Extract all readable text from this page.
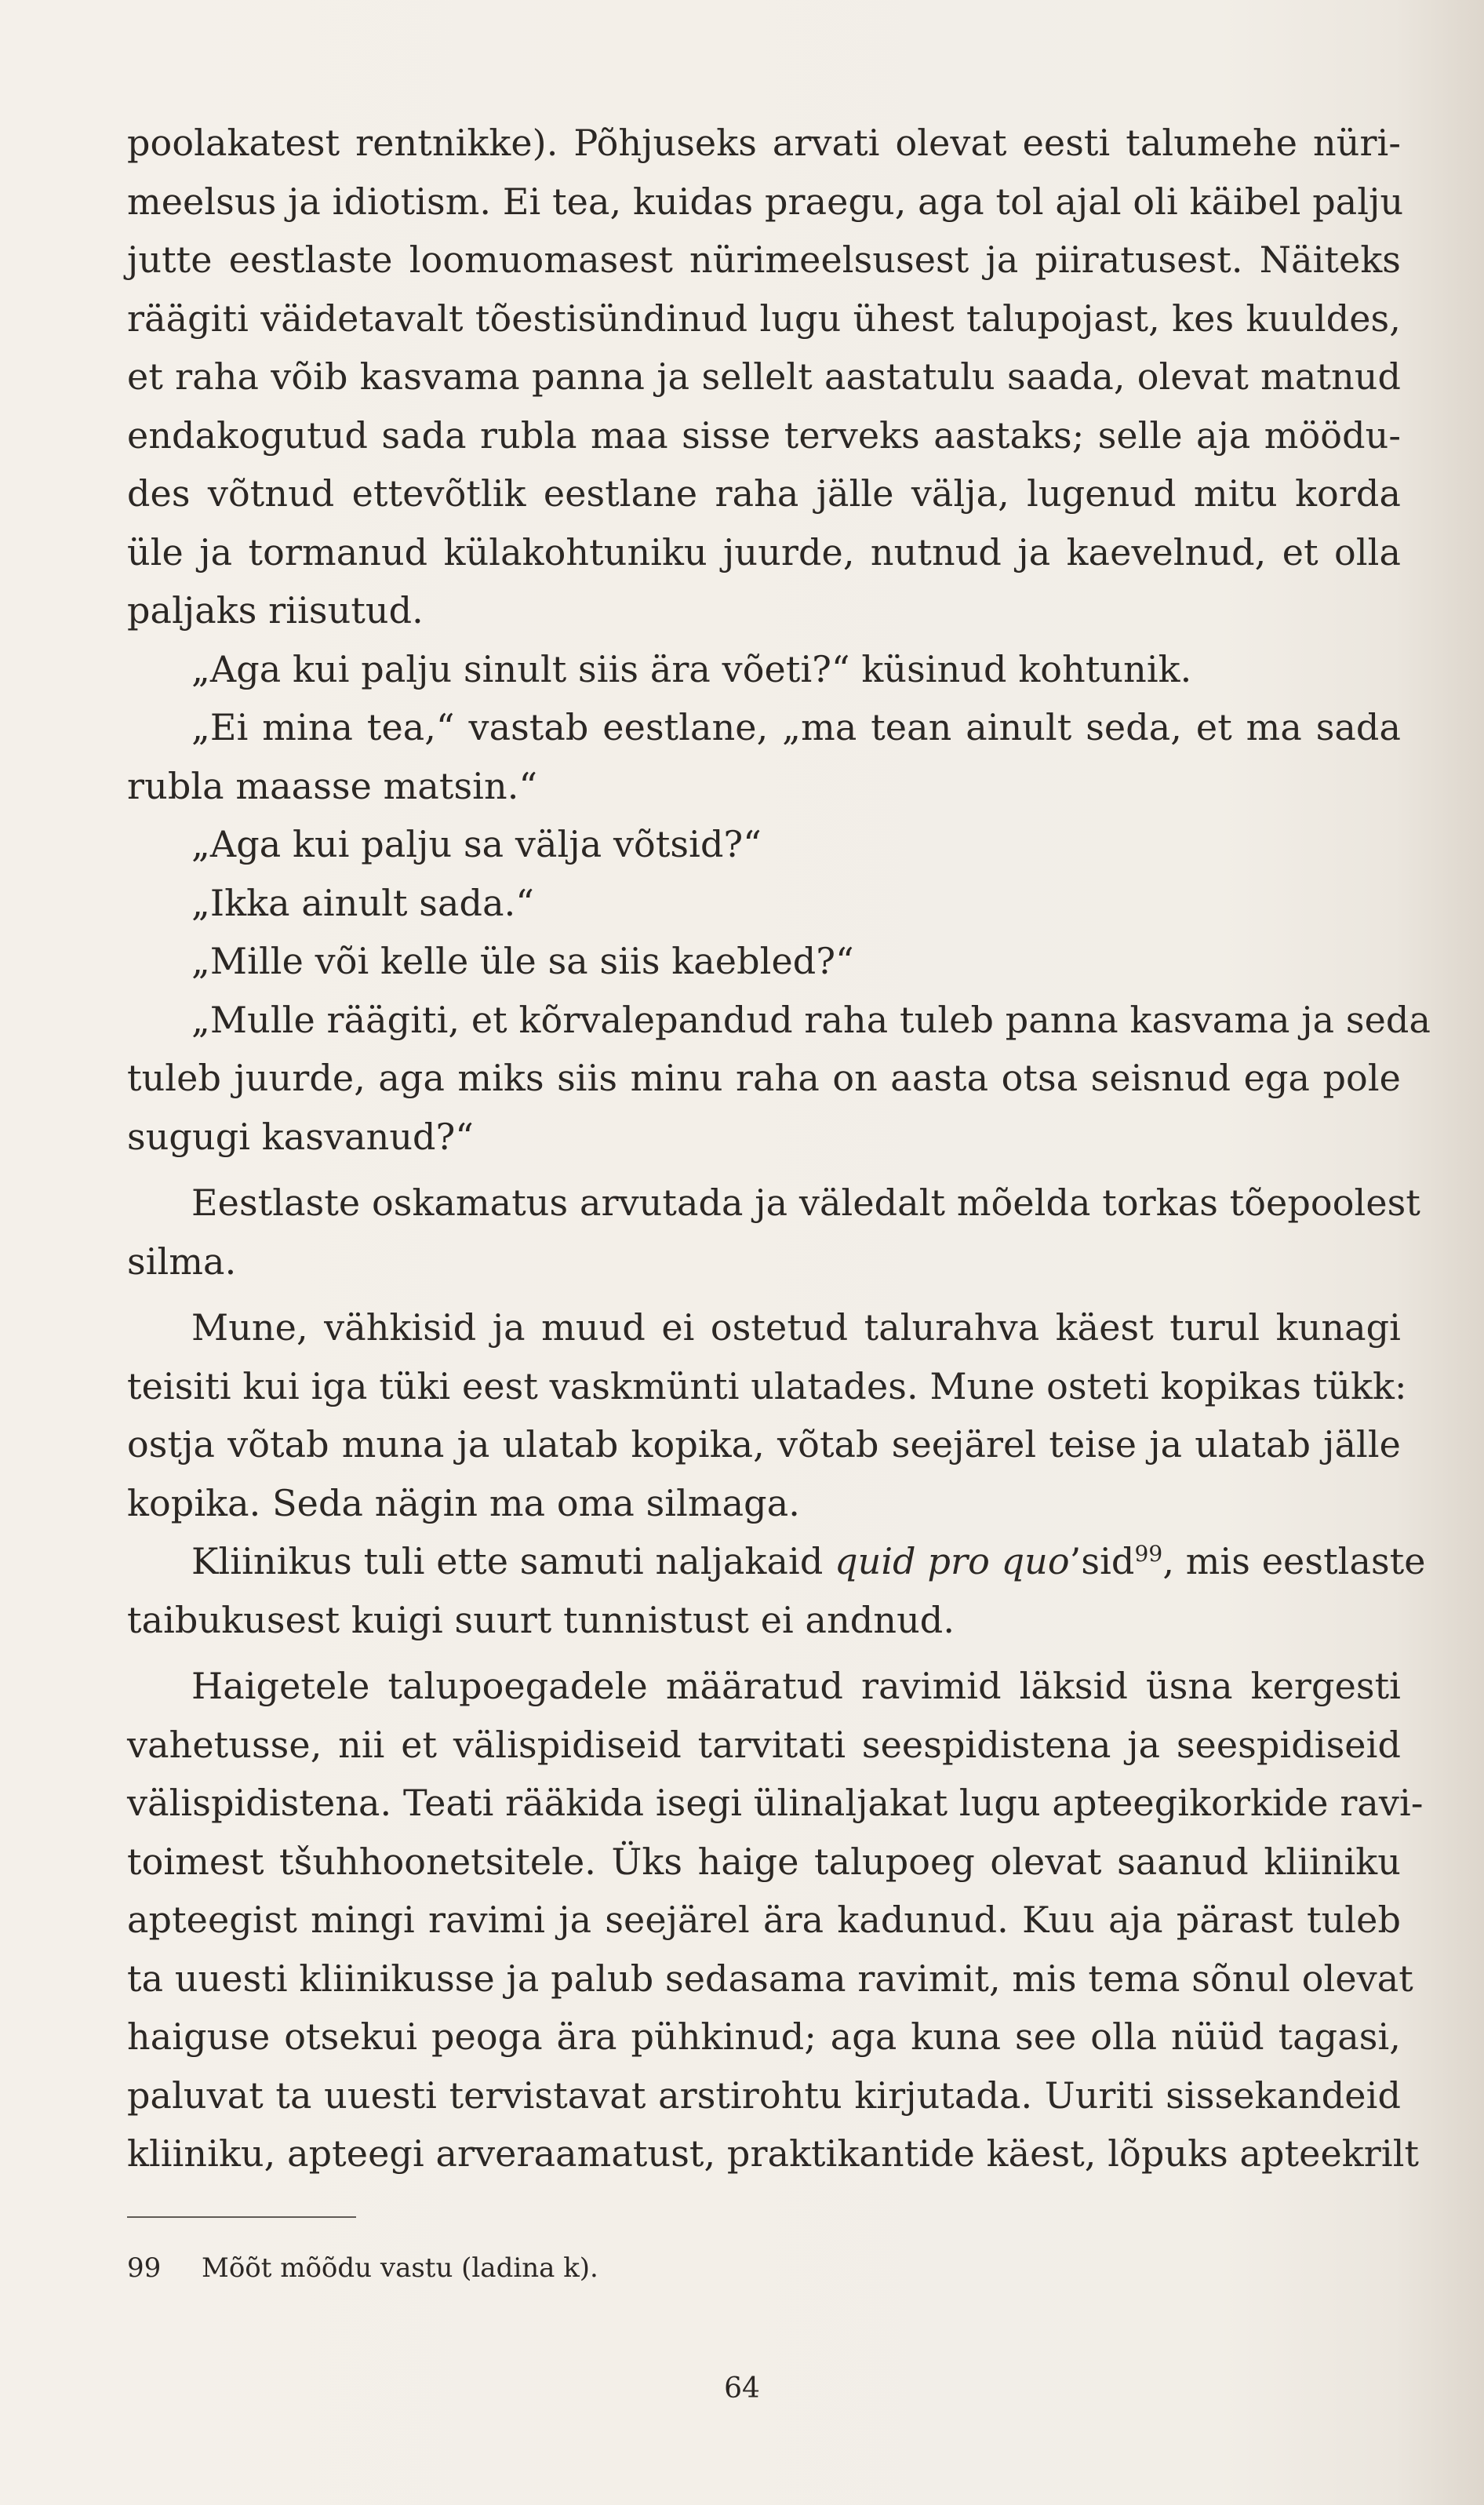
poolakatest rentnikke). Põhjuseks arvati olevat eesti talumehe nüri-
meelsus ja idiotism. Ei tea, kuidas praegu, aga tol ajal oli käibel palju
jutte eestlaste loomuomasest nürimeelsusest ja piiratusest. Näiteks
räägiti väidetavalt tõestisündinud lugu ühest talupojast, kes kuuldes,
et raha võib kasvama panna ja sellelt aastatulu saada, olevat matnud
endakogutud sada rubla maa sisse terveks aastaks; selle aja möödu-
des võtnud ettevõtlik eestlane raha jälle välja, lugenud mitu korda
üle ja tormanud külakohtuniku juurde, nutnud ja kaevelnud, et olla
paljaks riisutud.
„Aga kui palju sinult siis ära võeti?“ küsinud kohtunik.
„Ei mina tea,“ vastab eestlane, „ma tean ainult seda, et ma sada
rubla maasse matsin.“
„Aga kui palju sa välja võtsid?“
„Ikka ainult sada.“
„Mille või kelle üle sa siis kaebled?“
„Mulle räägiti, et kõrvalepandud raha tuleb panna kasvama ja seda
tuleb juurde, aga miks siis minu raha on aasta otsa seisnud ega pole
sugugi kasvanud?“
Eestlaste oskamatus arvutada ja väledalt mõelda torkas tõepoolest
silma.
Mune, vähkisid ja muud ei ostetud talurahva käest turul kunagi
teisiti kui iga tüki eest vaskmünti ulatades. Mune osteti kopikas tükk:
ostja võtab muna ja ulatab kopika, võtab seejärel teise ja ulatab jälle
kopika. Seda nägin ma oma silmaga.
Kliinikus tuli ette samuti naljakaid quid pro quo’sid$^{99}$, mis eestlaste
taibukusest kuigi suurt tunnistust ei andnud.
Haigetele talupoegadele määratud ravimid läksid üsna kergesti
vahetusse, nii et välispidiseid tarvitati seespidistena ja seespidiseid
välispidistena. Teati rääkida isegi ülinaljakat lugu apteegikorkide ravi-
toimest tšuhhoonetsitele. Üks haige talupoeg olevat saanud kliiniku
apteegist mingi ravimi ja seejärel ära kadunud. Kuu aja pärast tuleb
ta uuesti kliinikusse ja palub sedasama ravimit, mis tema sõnul olevat
haiguse otsekui peoga ära pühkinud; aga kuna see olla nüüd tagasi,
paluvat ta uuesti tervistavat arstirohtu kirjutada. Uuriti sissekandeid
kliiniku, apteegi arveraamatust, praktikantide käest, lõpuks apteekrilt
99 Mõõt mõõdu vastu (ladina k).
64
